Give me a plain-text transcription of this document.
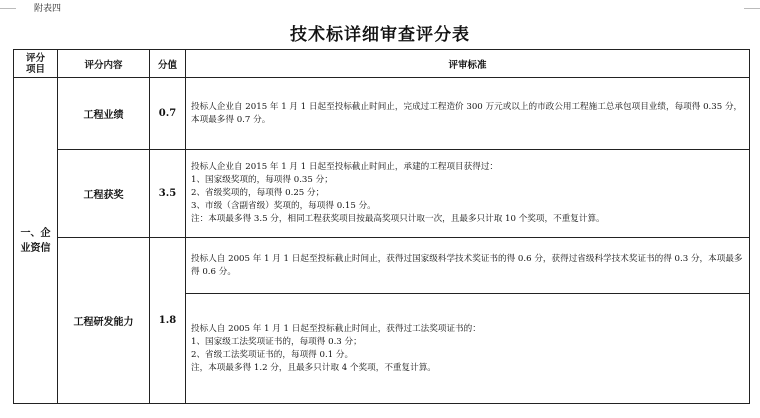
附表四
技术标详细审查评分表
评分
项目	评分内容	分值	评审标准
一、企
业资信	工程业绩	0.7	投标人企业自 2015 年 1 月 1 日起至投标截止时间止，完成过工程造价 300 万元或以上的市政公用工程施工总承包项目业绩，每项得 0.35 分，本项最多得 0.7 分。

	工程获奖	3.5	投标人企业自 2015 年 1 月 1 日起至投标截止时间止，承建的工程项目获得过：
1、国家级奖项的，每项得 0.35 分；
2、省级奖项的，每项得 0.25 分；
3、市级（含副省级）奖项的，每项得 0.15 分。
注：本项最多得 3.5 分，相同工程获奖项目按最高奖项只计取一次，且最多只计取 10 个奖项，不重复计算。

	工程研发能力	1.8	投标人自 2005 年 1 月 1 日起至投标截止时间止，获得过国家级科学技术奖证书的得 0.6 分，获得过省级科学技术奖证书的得 0.3 分，本项最多得 0.6 分。

			投标人自 2005 年 1 月 1 日起至投标截止时间止，获得过工法奖项证书的：
1、国家级工法奖项证书的，每项得 0.3 分；
2、省级工法奖项证书的，每项得 0.1 分。
注，本项最多得 1.2 分，且最多只计取 4 个奖项，不重复计算。
